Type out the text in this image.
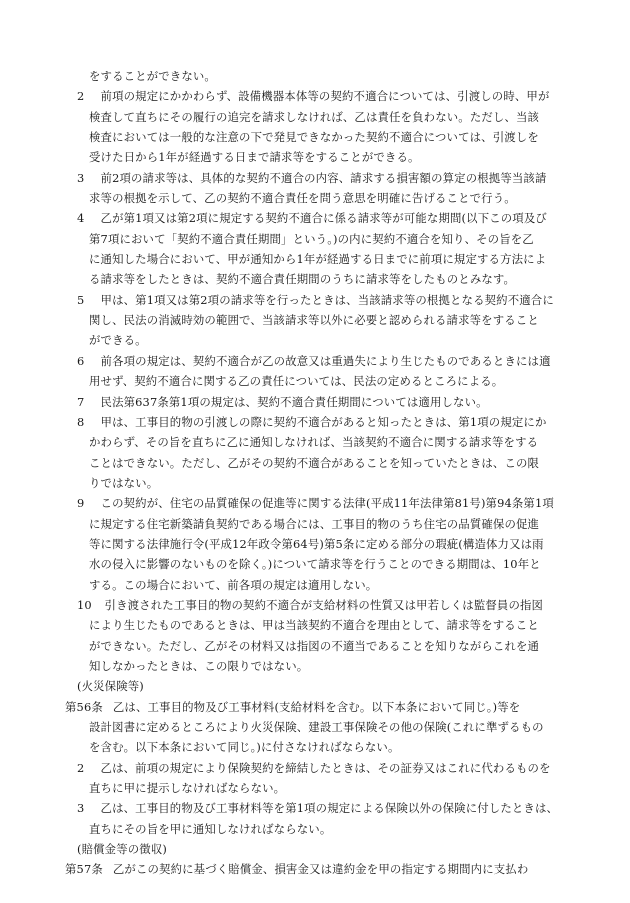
をすることができない。

2 　前項の規定にかかわらず、設備機器本体等の契約不適合については、引渡しの時、甲が
検査して直ちにその履行の追完を請求しなければ、乙は責任を負わない。ただし、当該
検査においては一般的な注意の下で発見できなかった契約不適合については、引渡しを
受けた日から1年が経過する日まで請求等をすることができる。

3 　前2項の請求等は、具体的な契約不適合の内容、請求する損害額の算定の根拠等当該請
求等の根拠を示して、乙の契約不適合責任を問う意思を明確に告げることで行う。

4 　乙が第1項又は第2項に規定する契約不適合に係る請求等が可能な期間(以下この項及び
第7項において「契約不適合責任期間」という。)の内に契約不適合を知り、その旨を乙
に通知した場合において、甲が通知から1年が経過する日までに前項に規定する方法によ
る請求等をしたときは、契約不適合責任期間のうちに請求等をしたものとみなす。

5 　甲は、第1項又は第2項の請求等を行ったときは、当該請求等の根拠となる契約不適合に
関し、民法の消滅時効の範囲で、当該請求等以外に必要と認められる請求等をすること
ができる。

6 　前各項の規定は、契約不適合が乙の故意又は重過失により生じたものであるときには適
用せず、契約不適合に関する乙の責任については、民法の定めるところによる。

7 　民法第637条第1項の規定は、契約不適合責任期間については適用しない。

8 　甲は、工事目的物の引渡しの際に契約不適合があると知ったときは、第1項の規定にか
かわらず、その旨を直ちに乙に通知しなければ、当該契約不適合に関する請求等をする
ことはできない。ただし、乙がその契約不適合があることを知っていたときは、この限
りではない。

9 　この契約が、住宅の品質確保の促進等に関する法律(平成11年法律第81号)第94条第1項
に規定する住宅新築請負契約である場合には、工事目的物のうち住宅の品質確保の促進
等に関する法律施行令(平成12年政令第64号)第5条に定める部分の瑕疵(構造体力又は雨
水の侵入に影響のないものを除く。)について請求等を行うことのできる期間は、10年と
する。この場合において、前各項の規定は適用しない。

10 　引き渡された工事目的物の契約不適合が支給材料の性質又は甲若しくは監督員の指図
により生じたものであるときは、甲は当該契約不適合を理由として、請求等をすること
ができない。ただし、乙がその材料又は指図の不適当であることを知りながらこれを通
知しなかったときは、この限りではない。

(火災保険等)

第56条 乙は、工事目的物及び工事材料(支給材料を含む。以下本条において同じ。)等を
設計図書に定めるところにより火災保険、建設工事保険その他の保険(これに準ずるもの
を含む。以下本条において同じ。)に付さなければならない。

2 　乙は、前項の規定により保険契約を締結したときは、その証券又はこれに代わるものを
直ちに甲に提示しなければならない。

3 　乙は、工事目的物及び工事材料等を第1項の規定による保険以外の保険に付したときは、
直ちにその旨を甲に通知しなければならない。

(賠償金等の徴収)

第57条 乙がこの契約に基づく賠償金、損害金又は違約金を甲の指定する期間内に支払わ
